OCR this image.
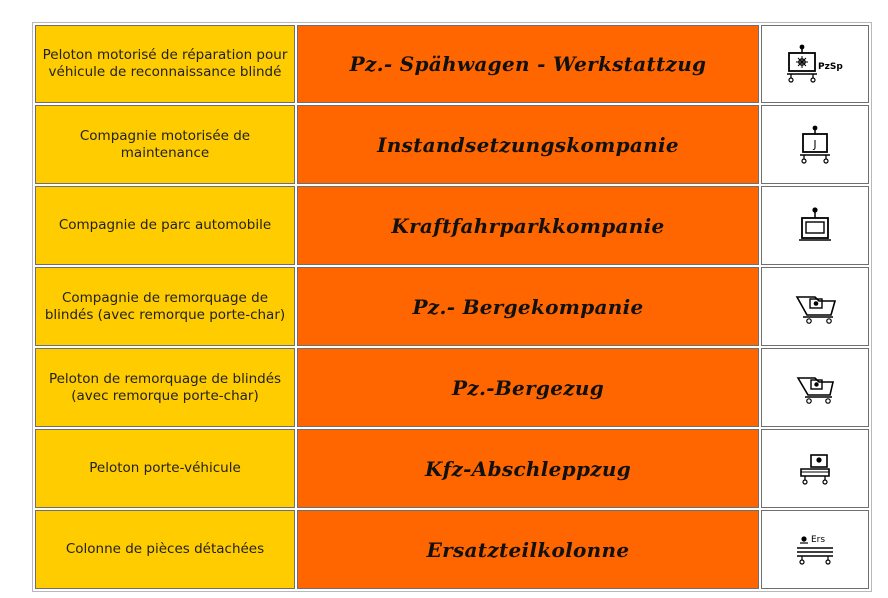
Peloton motorisé de réparation pour véhicule de reconnaissance blindé	Pz.- Spähwagen - Werkstattzug	PzSp

Compagnie motorisée de maintenance	Instandsetzungskompanie	J

Compagnie de parc automobile	Kraftfahrparkkompanie	

Compagnie de remorquage de blindés (avec remorque porte-char)	Pz.- Bergekompanie	

Peloton de remorquage de blindés (avec remorque porte-char)	Pz.-Bergezug	

Peloton porte-véhicule	Kfz-Abschleppzug	

Colonne de pièces détachées	Ersatzteilkolonne	Ers
